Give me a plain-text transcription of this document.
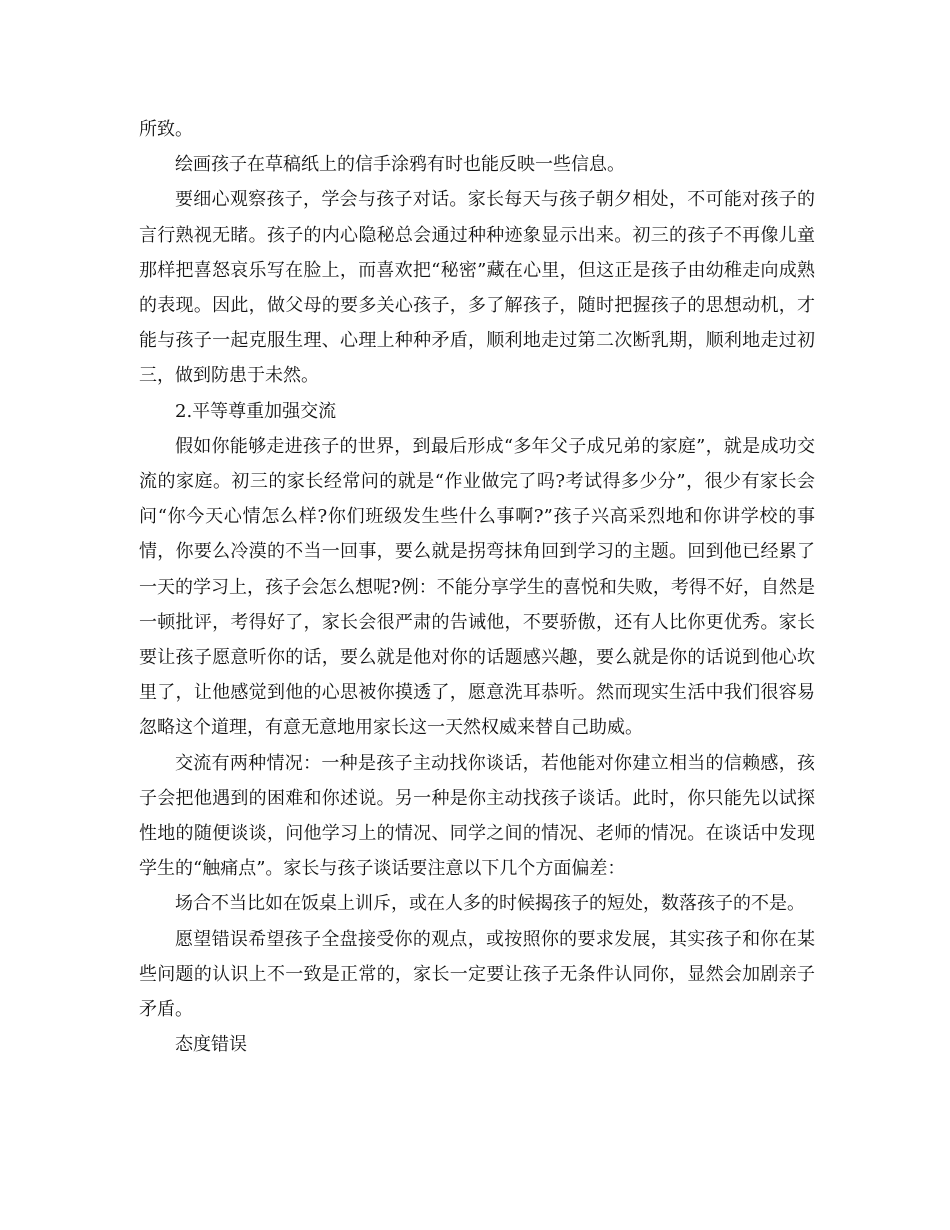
所致。

绘画孩子在草稿纸上的信手涂鸦有时也能反映一些信息。

要细心观察孩子，学会与孩子对话。家长每天与孩子朝夕相处，不可能对孩子的言行熟视无睹。孩子的内心隐秘总会通过种种迹象显示出来。初三的孩子不再像儿童那样把喜怒哀乐写在脸上，而喜欢把“秘密”藏在心里，但这正是孩子由幼稚走向成熟的表现。因此，做父母的要多关心孩子，多了解孩子，随时把握孩子的思想动机，才能与孩子一起克服生理、心理上种种矛盾，顺利地走过第二次断乳期，顺利地走过初三，做到防患于未然。

2.平等尊重加强交流

假如你能够走进孩子的世界，到最后形成“多年父子成兄弟的家庭”，就是成功交流的家庭。初三的家长经常问的就是“作业做完了吗?考试得多少分”，很少有家长会问“你今天心情怎么样?你们班级发生些什么事啊?”孩子兴高采烈地和你讲学校的事情，你要么冷漠的不当一回事，要么就是拐弯抹角回到学习的主题。回到他已经累了一天的学习上，孩子会怎么想呢?例：不能分享学生的喜悦和失败，考得不好，自然是一顿批评，考得好了，家长会很严肃的告诫他，不要骄傲，还有人比你更优秀。家长要让孩子愿意听你的话，要么就是他对你的话题感兴趣，要么就是你的话说到他心坎里了，让他感觉到他的心思被你摸透了，愿意洗耳恭听。然而现实生活中我们很容易忽略这个道理，有意无意地用家长这一天然权威来替自己助威。

交流有两种情况：一种是孩子主动找你谈话，若他能对你建立相当的信赖感，孩子会把他遇到的困难和你述说。另一种是你主动找孩子谈话。此时，你只能先以试探性地的随便谈谈，问他学习上的情况、同学之间的情况、老师的情况。在谈话中发现学生的“触痛点”。家长与孩子谈话要注意以下几个方面偏差：

场合不当比如在饭桌上训斥，或在人多的时候揭孩子的短处，数落孩子的不是。

愿望错误希望孩子全盘接受你的观点，或按照你的要求发展，其实孩子和你在某些问题的认识上不一致是正常的，家长一定要让孩子无条件认同你，显然会加剧亲子矛盾。

态度错误
